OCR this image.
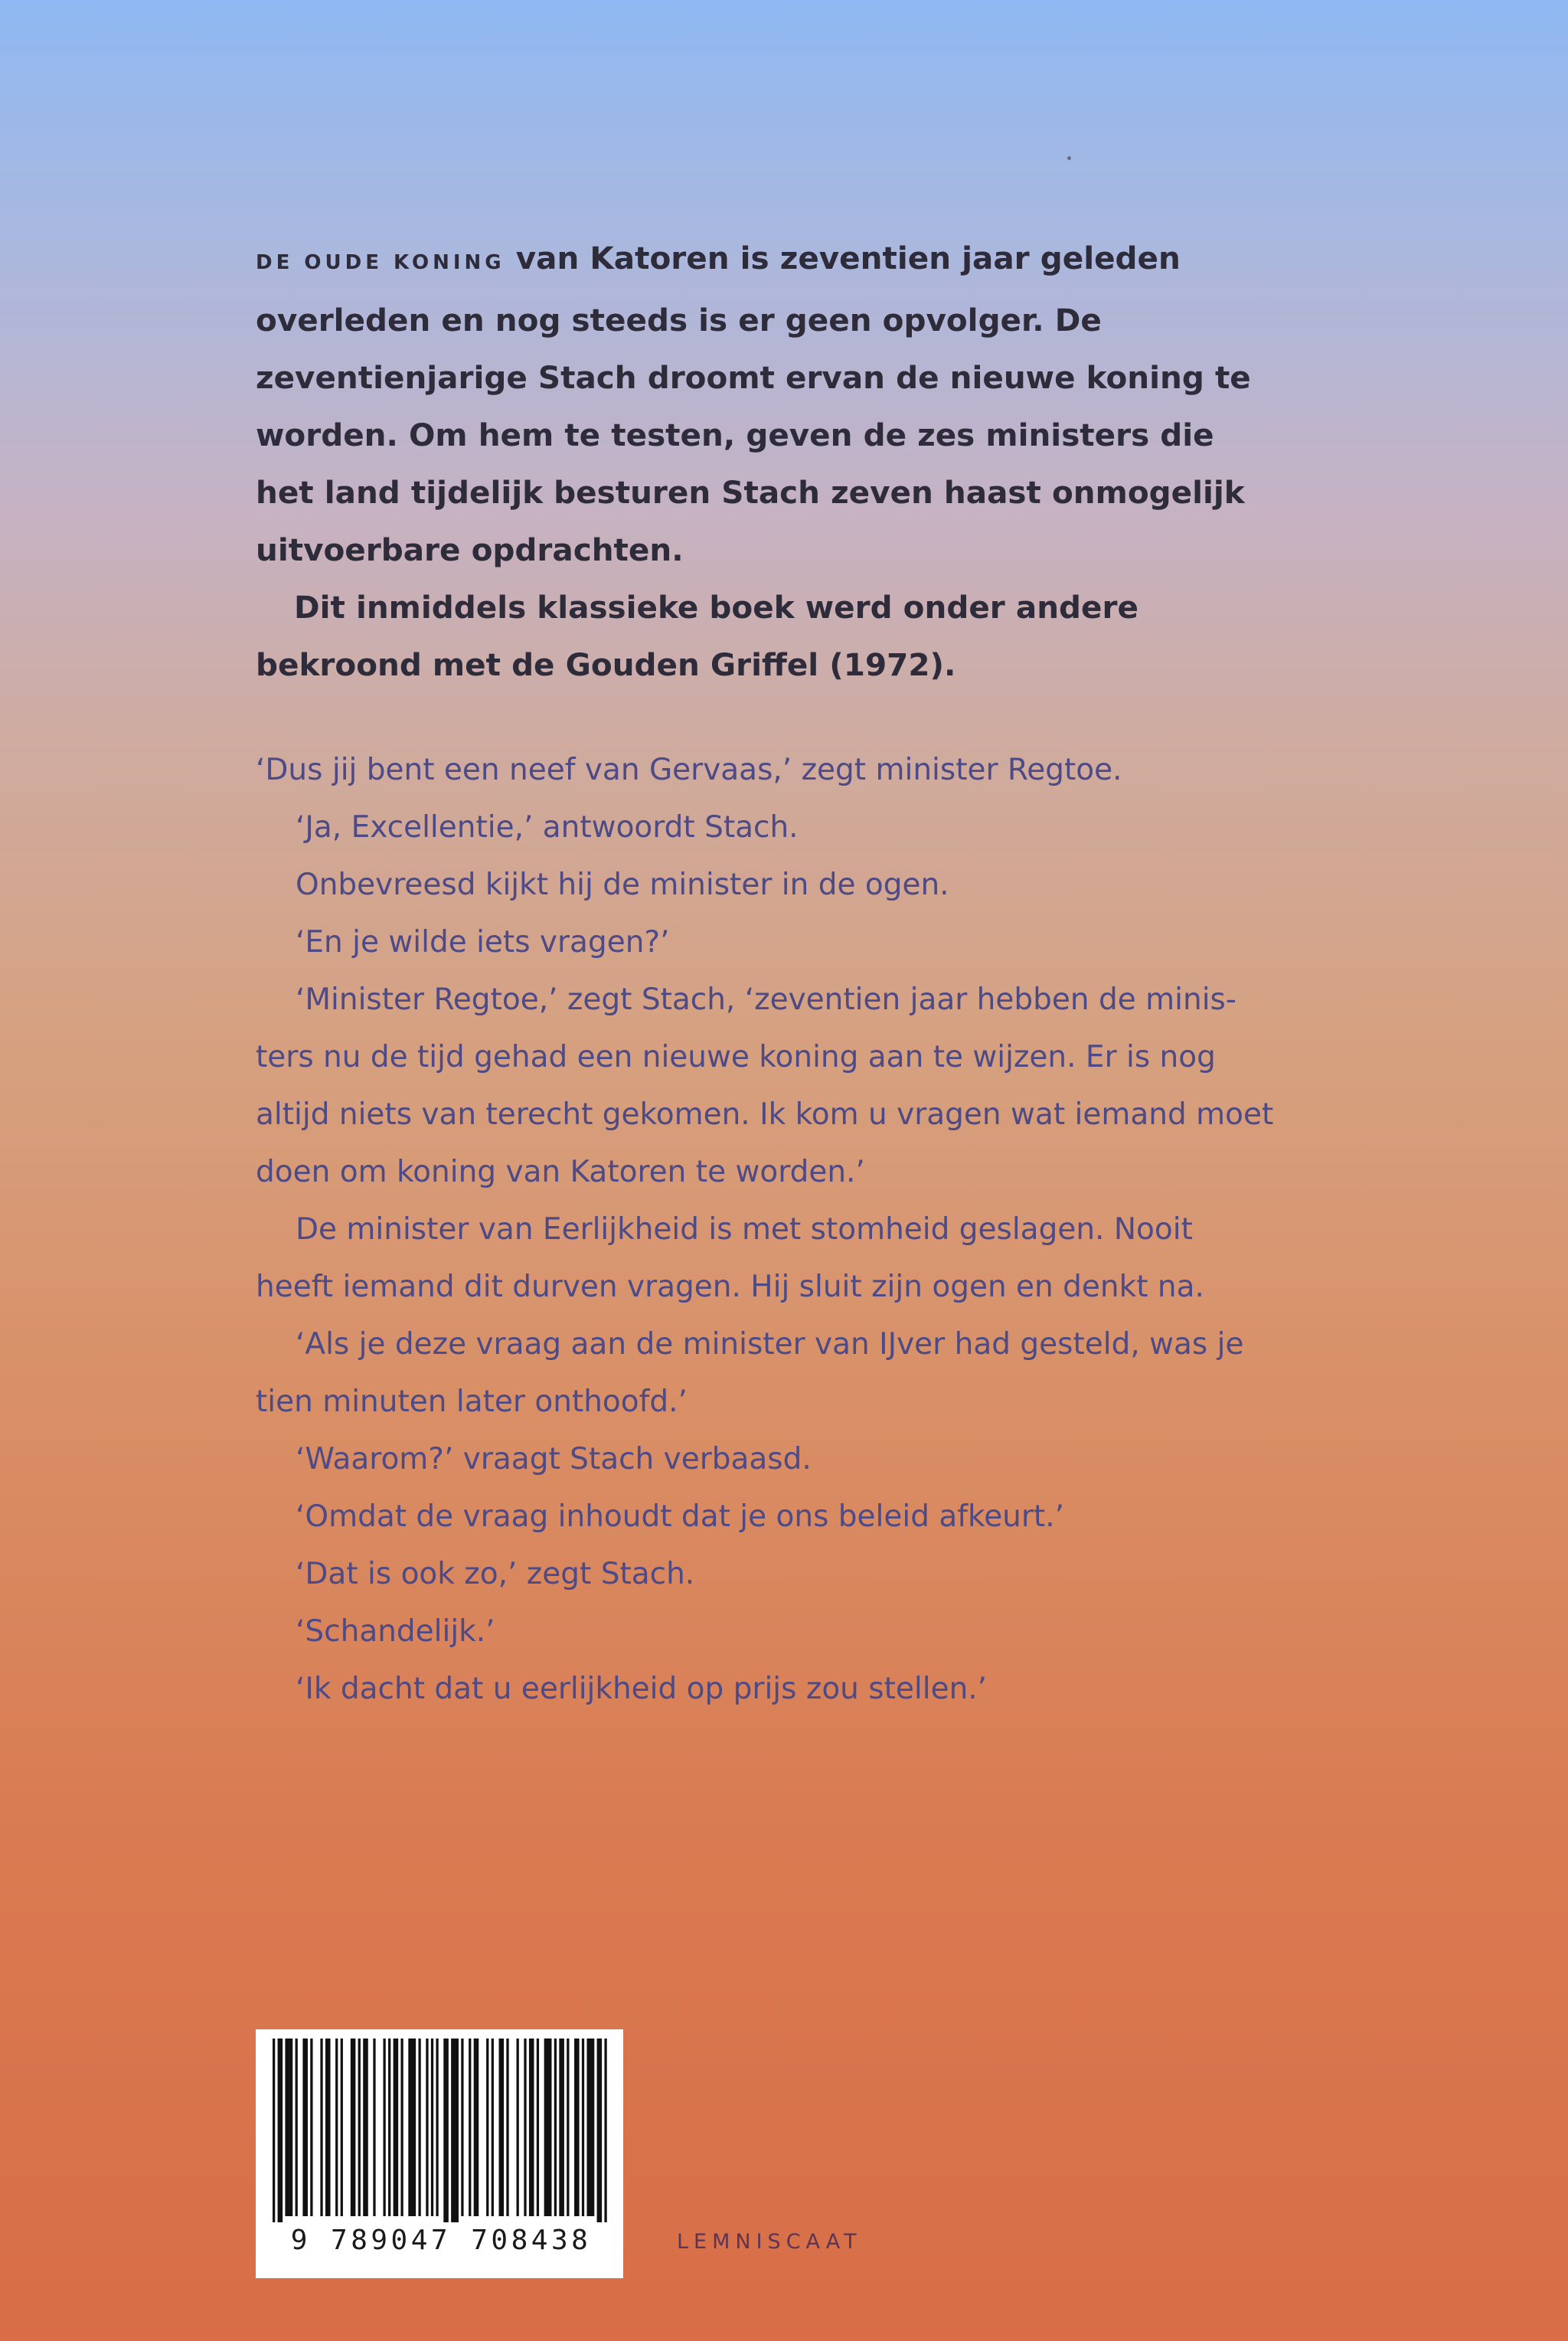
DE OUDE KONING van Katoren is zeventien jaar geleden overleden en nog steeds is er geen opvolger. De zeventienjarige Stach droomt ervan de nieuwe koning te worden. Om hem te testen, geven de zes ministers die het land tijdelijk besturen Stach zeven haast onmogelijk uitvoerbare opdrachten.

Dit inmiddels klassieke boek werd onder andere bekroond met de Gouden Griffel (1972).

‘Dus jij bent een neef van Gervaas,’ zegt minister Regtoe.

‘Ja, Excellentie,’ antwoordt Stach.

Onbevreesd kijkt hij de minister in de ogen.

‘En je wilde iets vragen?’

‘Minister Regtoe,’ zegt Stach, ‘zeventien jaar hebben de ministers nu de tijd gehad een nieuwe koning aan te wijzen. Er is nog altijd niets van terecht gekomen. Ik kom u vragen wat iemand moet doen om koning van Katoren te worden.’

De minister van Eerlijkheid is met stomheid geslagen. Nooit heeft iemand dit durven vragen. Hij sluit zijn ogen en denkt na.

‘Als je deze vraag aan de minister van IJver had gesteld, was je tien minuten later onthoofd.’

‘Waarom?’ vraagt Stach verbaasd.

‘Omdat de vraag inhoudt dat je ons beleid afkeurt.’

‘Dat is ook zo,’ zegt Stach.

‘Schandelijk.’

‘Ik dacht dat u eerlijkheid op prijs zou stellen.’

9 789047 708438	LEMNISCAAT
